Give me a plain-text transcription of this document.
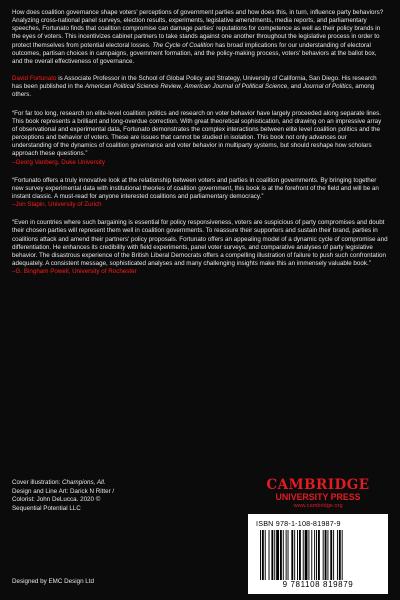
How does coalition governance shape voters' perceptions of government parties and how does this, in turn, influence party behaviors? Analyzing cross-national panel surveys, election results, experiments, legislative amendments, media reports, and parliamentary speeches, Fortunato finds that coalition compromise can damage parties' reputations for competence as well as their policy brands in the eyes of voters. This incentivizes cabinet partners to take stands against one another throughout the legislative process in order to protect themselves from potential electoral losses. The Cycle of Coalition has broad implications for our understanding of electoral outcomes, partisan choices in campaigns, government formation, and the policy-making process, voters' behaviors at the ballot box, and the overall effectiveness of governance.

David Fortunato is Associate Professor in the School of Global Policy and Strategy, University of California, San Diego. His research has been published in the American Political Science Review, American Journal of Political Science, and Journal of Politics, among others.

“For far too long, research on elite-level coalition politics and research on voter behavior have largely proceeded along separate lines. This book represents a brilliant and long-overdue correction. With great theoretical sophistication, and drawing on an impressive array of observational and experimental data, Fortunato demonstrates the complex interactions between elite level coalition politics and the perceptions and behavior of voters. These are issues that cannot be studied in isolation. This book not only advances our understanding of the dynamics of coalition governance and voter behavior in multiparty systems, but should reshape how scholars approach these questions.”

–Georg Vanberg, Duke University

“Fortunato offers a truly innovative look at the relationship between voters and parties in coalition governments. By bringing together new survey experimental data with institutional theories of coalition government, this book is at the forefront of the field and will be an instant classic. A must-read for anyone interested coalitions and parliamentary democracy.”

–Jon Slapin, University of Zurich

“Even in countries where such bargaining is essential for policy responsiveness, voters are suspicious of party compromises and doubt their chosen parties will represent them well in coalition governments. To reassure their supporters and sustain their brand, parties in coalitions attack and amend their partners' policy proposals. Fortunato offers an appealing model of a dynamic cycle of compromise and differentiation. He enhances its credibility with field experiments, panel voter surveys, and comparative analyses of party legislative behavior. The disastrous experience of the British Liberal Democrats offers a compelling illustration of failure to push such confrontation adequately. A consistent message, sophisticated analyses and many challenging insights make this an immensely valuable book.”

–G. Bingham Powell, University of Rochester

Cover illustration: Champions, All.
Design and Line Art: Darick N Ritter /
Colorist: John DeLucca. 2020 ©
Sequential Potential LLC
Designed by EMC Design Ltd
CAMBRIDGE
UNIVERSITY PRESS
www.cambridge.org
ISBN 978-1-108-81987-9
9 781108 819879
